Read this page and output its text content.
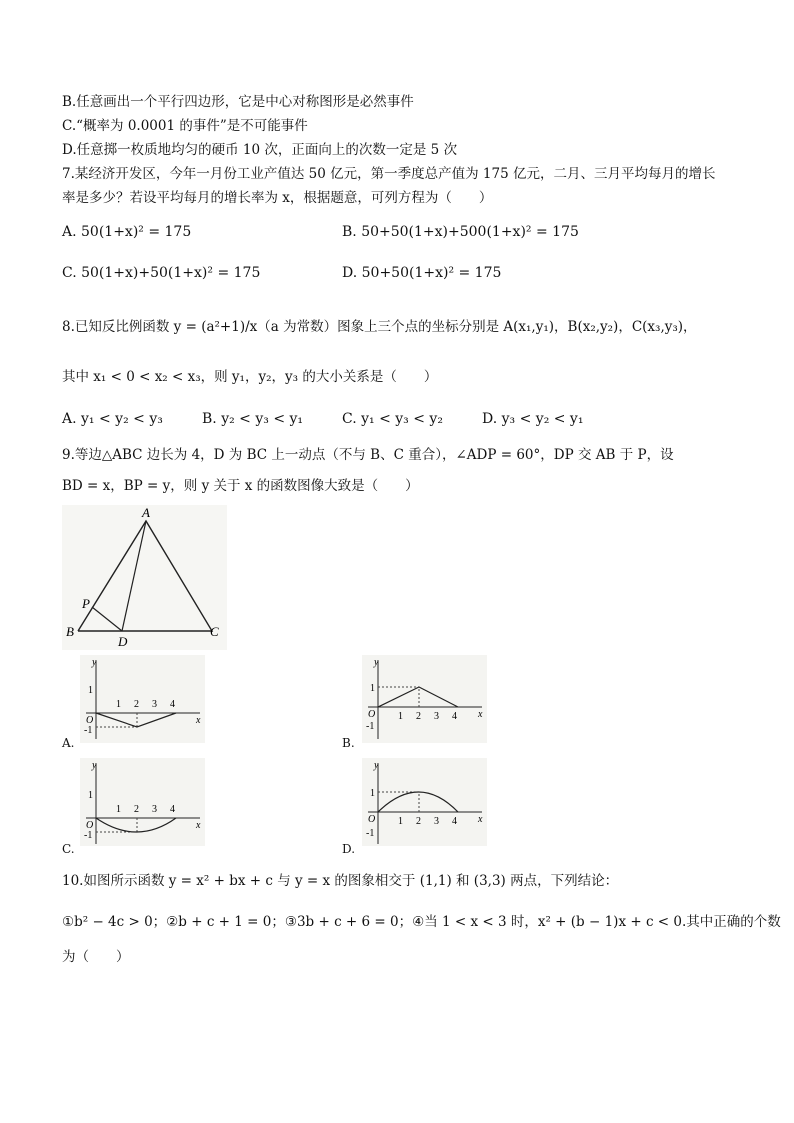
B.任意画出一个平行四边形，它是中心对称图形是必然事件
C.“概率为 0.0001 的事件”是不可能事件
D.任意掷一枚质地均匀的硬币 10 次，正面向上的次数一定是 5 次
7.某经济开发区，今年一月份工业产值达 50 亿元，第一季度总产值为 175 亿元，二月、三月平均每月的增长
率是多少？若设平均每月的增长率为 x，根据题意，可列方程为（　　）
A. 50(1+x)² = 175	B. 50+50(1+x)+500(1+x)² = 175
C. 50(1+x)+50(1+x)² = 175	D. 50+50(1+x)² = 175
8.已知反比例函数 y = (a²+1)/x（a 为常数）图象上三个点的坐标分别是 A(x₁,y₁)，B(x₂,y₂)，C(x₃,y₃)，
其中 x₁ < 0 < x₂ < x₃，则 y₁，y₂，y₃ 的大小关系是（　　）
A. y₁ < y₂ < y₃	B. y₂ < y₃ < y₁	C. y₁ < y₃ < y₂	D. y₃ < y₂ < y₁
9.等边△ABC 边长为 4，D 为 BC 上一动点（不与 B、C 重合），∠ADP = 60°，DP 交 AB 于 P，设
BD = x，BP = y，则 y 关于 x 的函数图像大致是（　　）
A
B	C
D
P
y
x
O
1
-1
1 2 3 4
A.
y
x
O
1
-1
1 2 3 4
B.
y
x
O
1
-1
1 2 3 4
C.
y
x
O
1
-1
1 2 3 4
D.
10.如图所示函数 y = x² + bx + c 与 y = x 的图象相交于 (1,1) 和 (3,3) 两点，下列结论：
①b² − 4c > 0；②b + c + 1 = 0；③3b + c + 6 = 0；④当 1 < x < 3 时，x² + (b − 1)x + c < 0.其中正确的个数
为（　　）
